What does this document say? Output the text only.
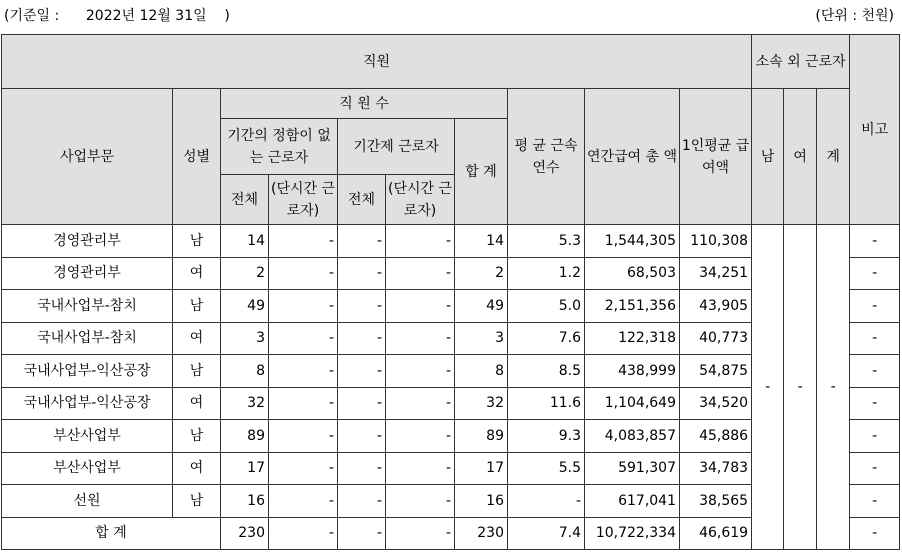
(기준일 :      2022년 12월 31일    )	(단위 : 천원)
직원										소속 외 근로자			비고
사업부문	성별	직 원 수					평 균 근속연수	연간급여 총 액	1인평균 급여액	남	여	계	
		기간의 정함이 없는 근로자		기간제 근로자		합 계							
		전체	(단시간 근로자)	전체	(단시간 근로자)								
경영관리부	남	14	-	-	-	14	5.3	1,544,305	110,308	-	-	-	-
경영관리부	여	2	-	-	-	2	1.2	68,503	34,251				-
국내사업부-참치	남	49	-	-	-	49	5.0	2,151,356	43,905				-
국내사업부-참치	여	3	-	-	-	3	7.6	122,318	40,773				-
국내사업부-익산공장	남	8	-	-	-	8	8.5	438,999	54,875				-
국내사업부-익산공장	여	32	-	-	-	32	11.6	1,104,649	34,520				-
부산사업부	남	89	-	-	-	89	9.3	4,083,857	45,886				-
부산사업부	여	17	-	-	-	17	5.5	591,307	34,783				-
선원	남	16	-	-	-	16	-	617,041	38,565				-
합 계		230	-	-	-	230	7.4	10,722,334	46,619				-
